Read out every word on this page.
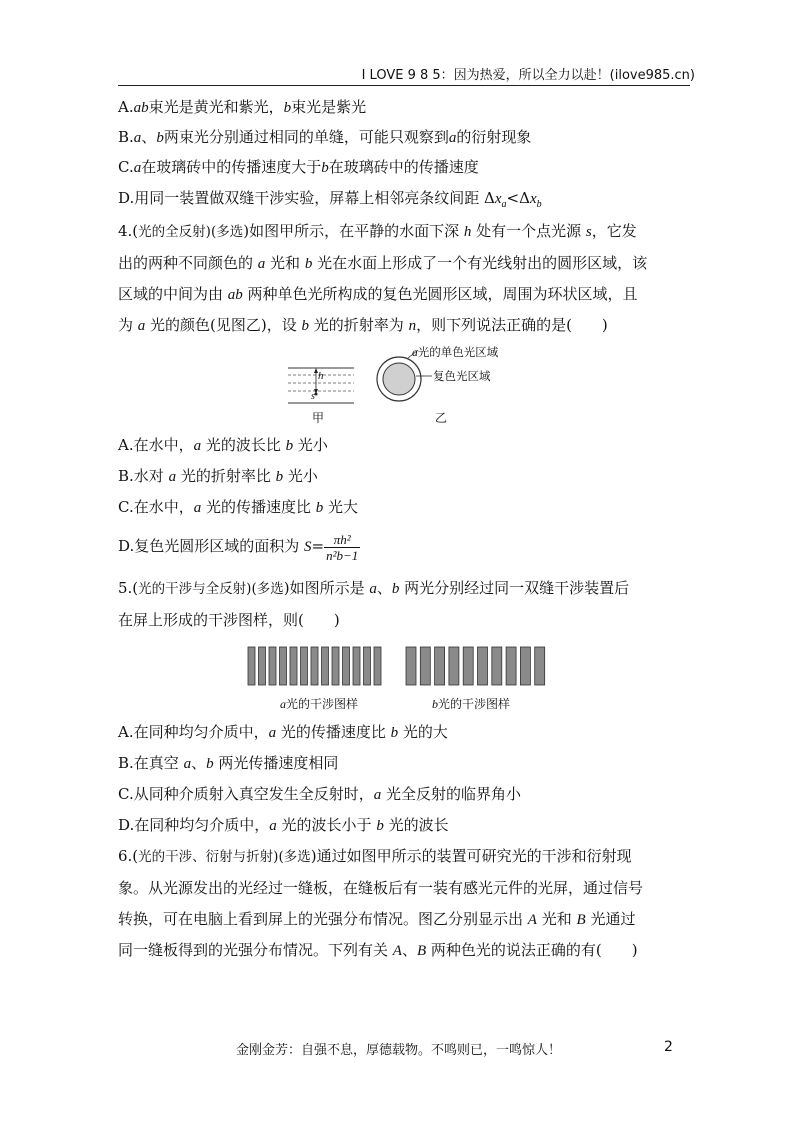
I LOVE 9 8 5：因为热爱，所以全力以赴！(ilove985.cn)
A.ab束光是黄光和紫光，b束光是紫光
B.a、b两束光分别通过相同的单缝，可能只观察到a的衍射现象
C.a在玻璃砖中的传播速度大于b在玻璃砖中的传播速度
D.用同一装置做双缝干涉实验，屏幕上相邻亮条纹间距 $\Delta x_a<\Delta x_b$
4.(光的全反射)(多选)如图甲所示，在平静的水面下深 h 处有一个点光源 s，它发
出的两种不同颜色的 a 光和 b 光在水面上形成了一个有光线射出的圆形区域，该
区域的中间为由 ab 两种单色光所构成的复色光圆形区域，周围为环状区域，且
为 a 光的颜色(见图乙)，设 b 光的折射率为 n，则下列说法正确的是(　　)
h
s
甲	乙
a光的单色光区域
复色光区域
A.在水中，a 光的波长比 b 光小
B.水对 a 光的折射率比 b 光小
C.在水中，a 光的传播速度比 b 光大
D.复色光圆形区域的面积为 $S= \frac{\text{πh²}}{\text{n²b−1}}$
5.(光的干涉与全反射)(多选)如图所示是 a、b 两光分别经过同一双缝干涉装置后
在屏上形成的干涉图样，则(　　)
a光的干涉图样	b光的干涉图样
A.在同种均匀介质中，a 光的传播速度比 b 光的大
B.在真空 a、b 两光传播速度相同
C.从同种介质射入真空发生全反射时，a 光全反射的临界角小
D.在同种均匀介质中，a 光的波长小于 b 光的波长
6.(光的干涉、衍射与折射)(多选)通过如图甲所示的装置可研究光的干涉和衍射现
象。从光源发出的光经过一缝板，在缝板后有一装有感光元件的光屏，通过信号
转换，可在电脑上看到屏上的光强分布情况。图乙分别显示出 A 光和 B 光通过
同一缝板得到的光强分布情况。下列有关 A、B 两种色光的说法正确的有(　　)
金刚金芳：自强不息，厚德载物。不鸣则已，一鸣惊人！	2
